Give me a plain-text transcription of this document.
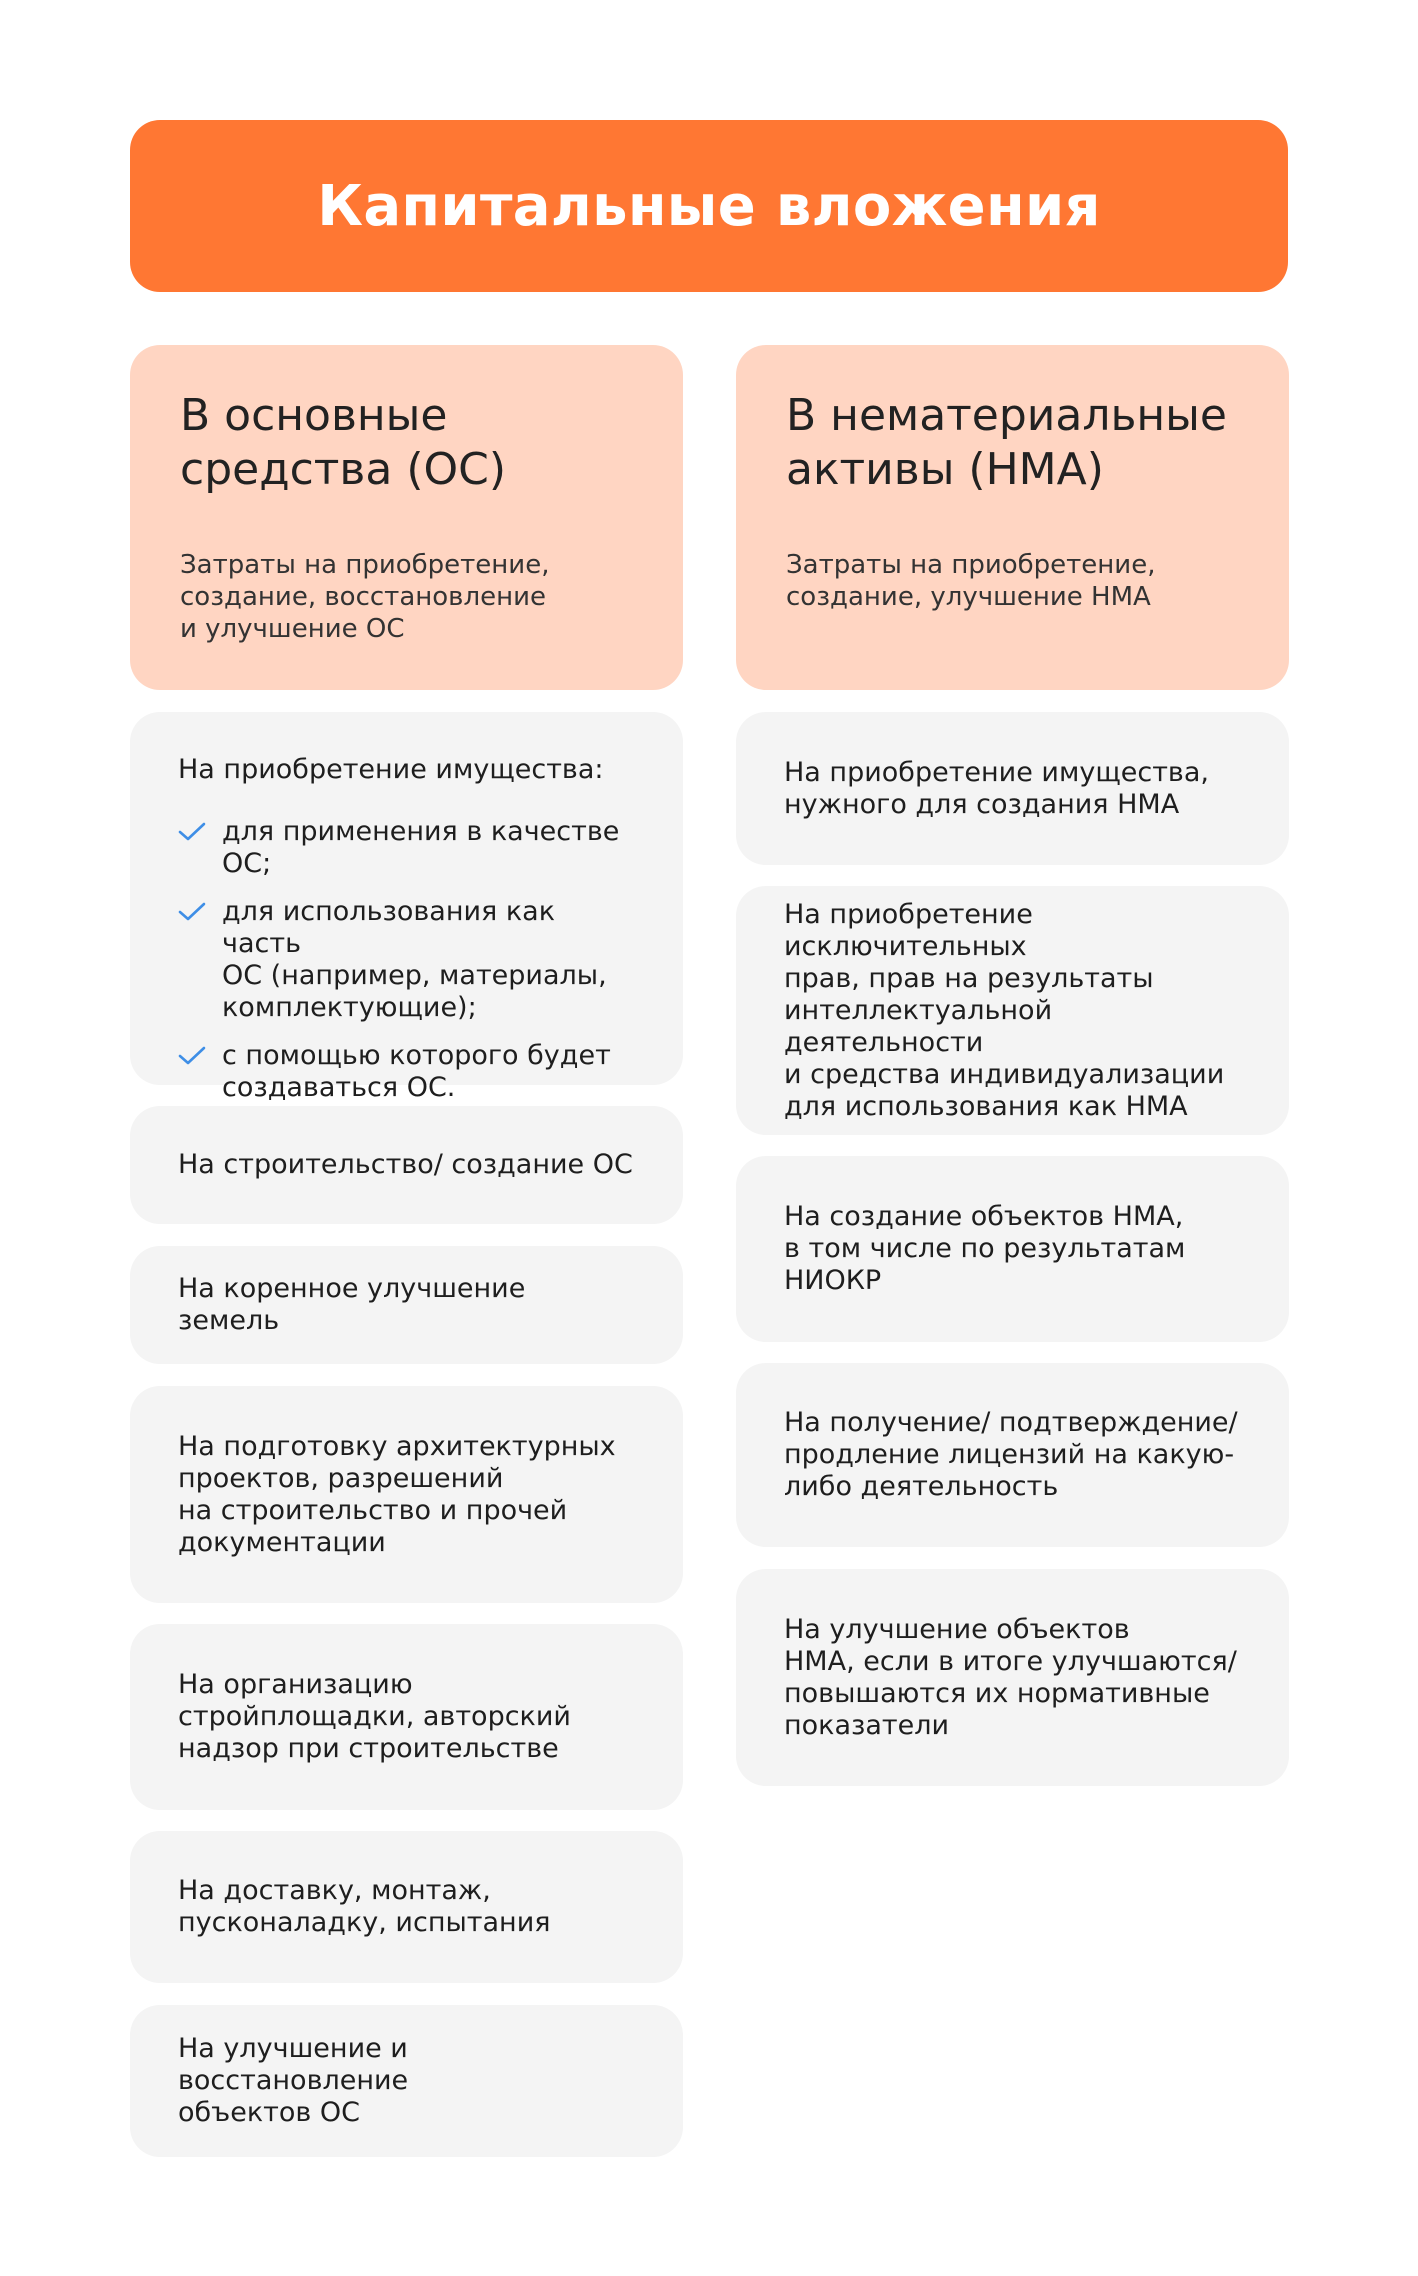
Капитальные вложения
В основные
средства (ОС)
Затраты на приобретение,
создание, восстановление
и улучшение ОС
В нематериальные
активы (НМА)
Затраты на приобретение,
создание, улучшение НМА
На приобретение имущества:
для применения в качестве ОС;
для использования как часть
ОС (например, материалы,
комплектующие);
с помощью которого будет
создаваться ОС.
На строительство/ создание ОС
На коренное улучшение земель
На подготовку архитектурных
проектов, разрешений
на строительство и прочей
документации
На организацию
стройплощадки, авторский
надзор при строительстве
На доставку, монтаж,
пусконаладку, испытания
На улучшение и восстановление
объектов ОС
На приобретение имущества,
нужного для создания НМА
На приобретение исключительных
прав, прав на результаты
интеллектуальной деятельности
и средства индивидуализации
для использования как НМА
На создание объектов НМА,
в том числе по результатам
НИОКР
На получение/ подтверждение/
продление лицензий на какую-
либо деятельность
На улучшение объектов
НМА, если в итоге улучшаются/
повышаются их нормативные
показатели
